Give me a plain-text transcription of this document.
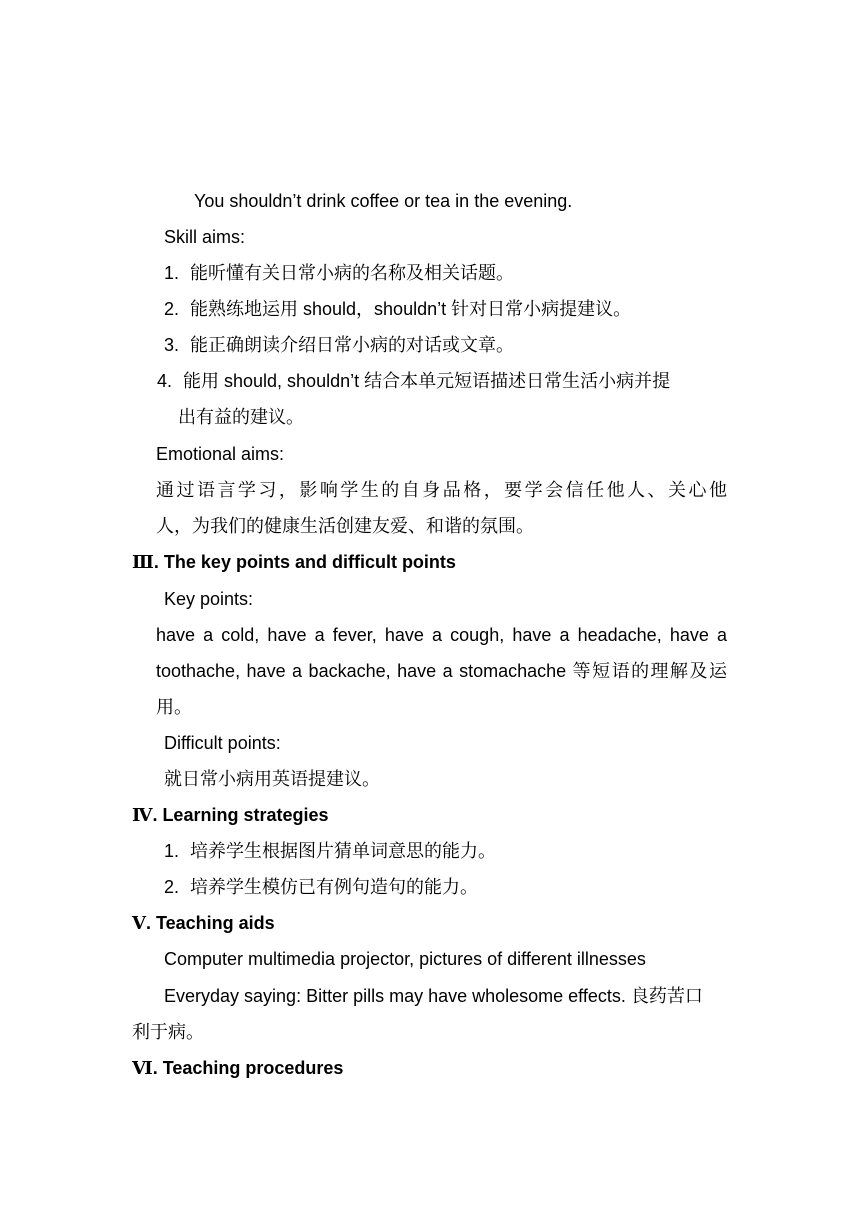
You shouldn’t drink coffee or tea in the evening.
Skill aims:
1. 能听懂有关日常小病的名称及相关话题。
2. 能熟练地运用 should，shouldn’t 针对日常小病提建议。
3. 能正确朗读介绍日常小病的对话或文章。
4. 能用 should, shouldn’t 结合本单元短语描述日常生活小病并提
出有益的建议。
Emotional aims:
通过语言学习，影响学生的自身品格，要学会信任他人、关心他
人，为我们的健康生活创建友爱、和谐的氛围。
Ⅲ. The key points and difficult points
Key points:
have a cold, have a fever, have a cough, have a headache, have a
toothache, have a backache, have a stomachache 等短语的理解及运
用。
Difficult points:
就日常小病用英语提建议。
Ⅳ. Learning strategies
1. 培养学生根据图片猜单词意思的能力。
2. 培养学生模仿已有例句造句的能力。
Ⅴ. Teaching aids
Computer multimedia projector, pictures of different illnesses
Everyday saying: Bitter pills may have wholesome effects. 良药苦口
利于病。
Ⅵ. Teaching procedures
